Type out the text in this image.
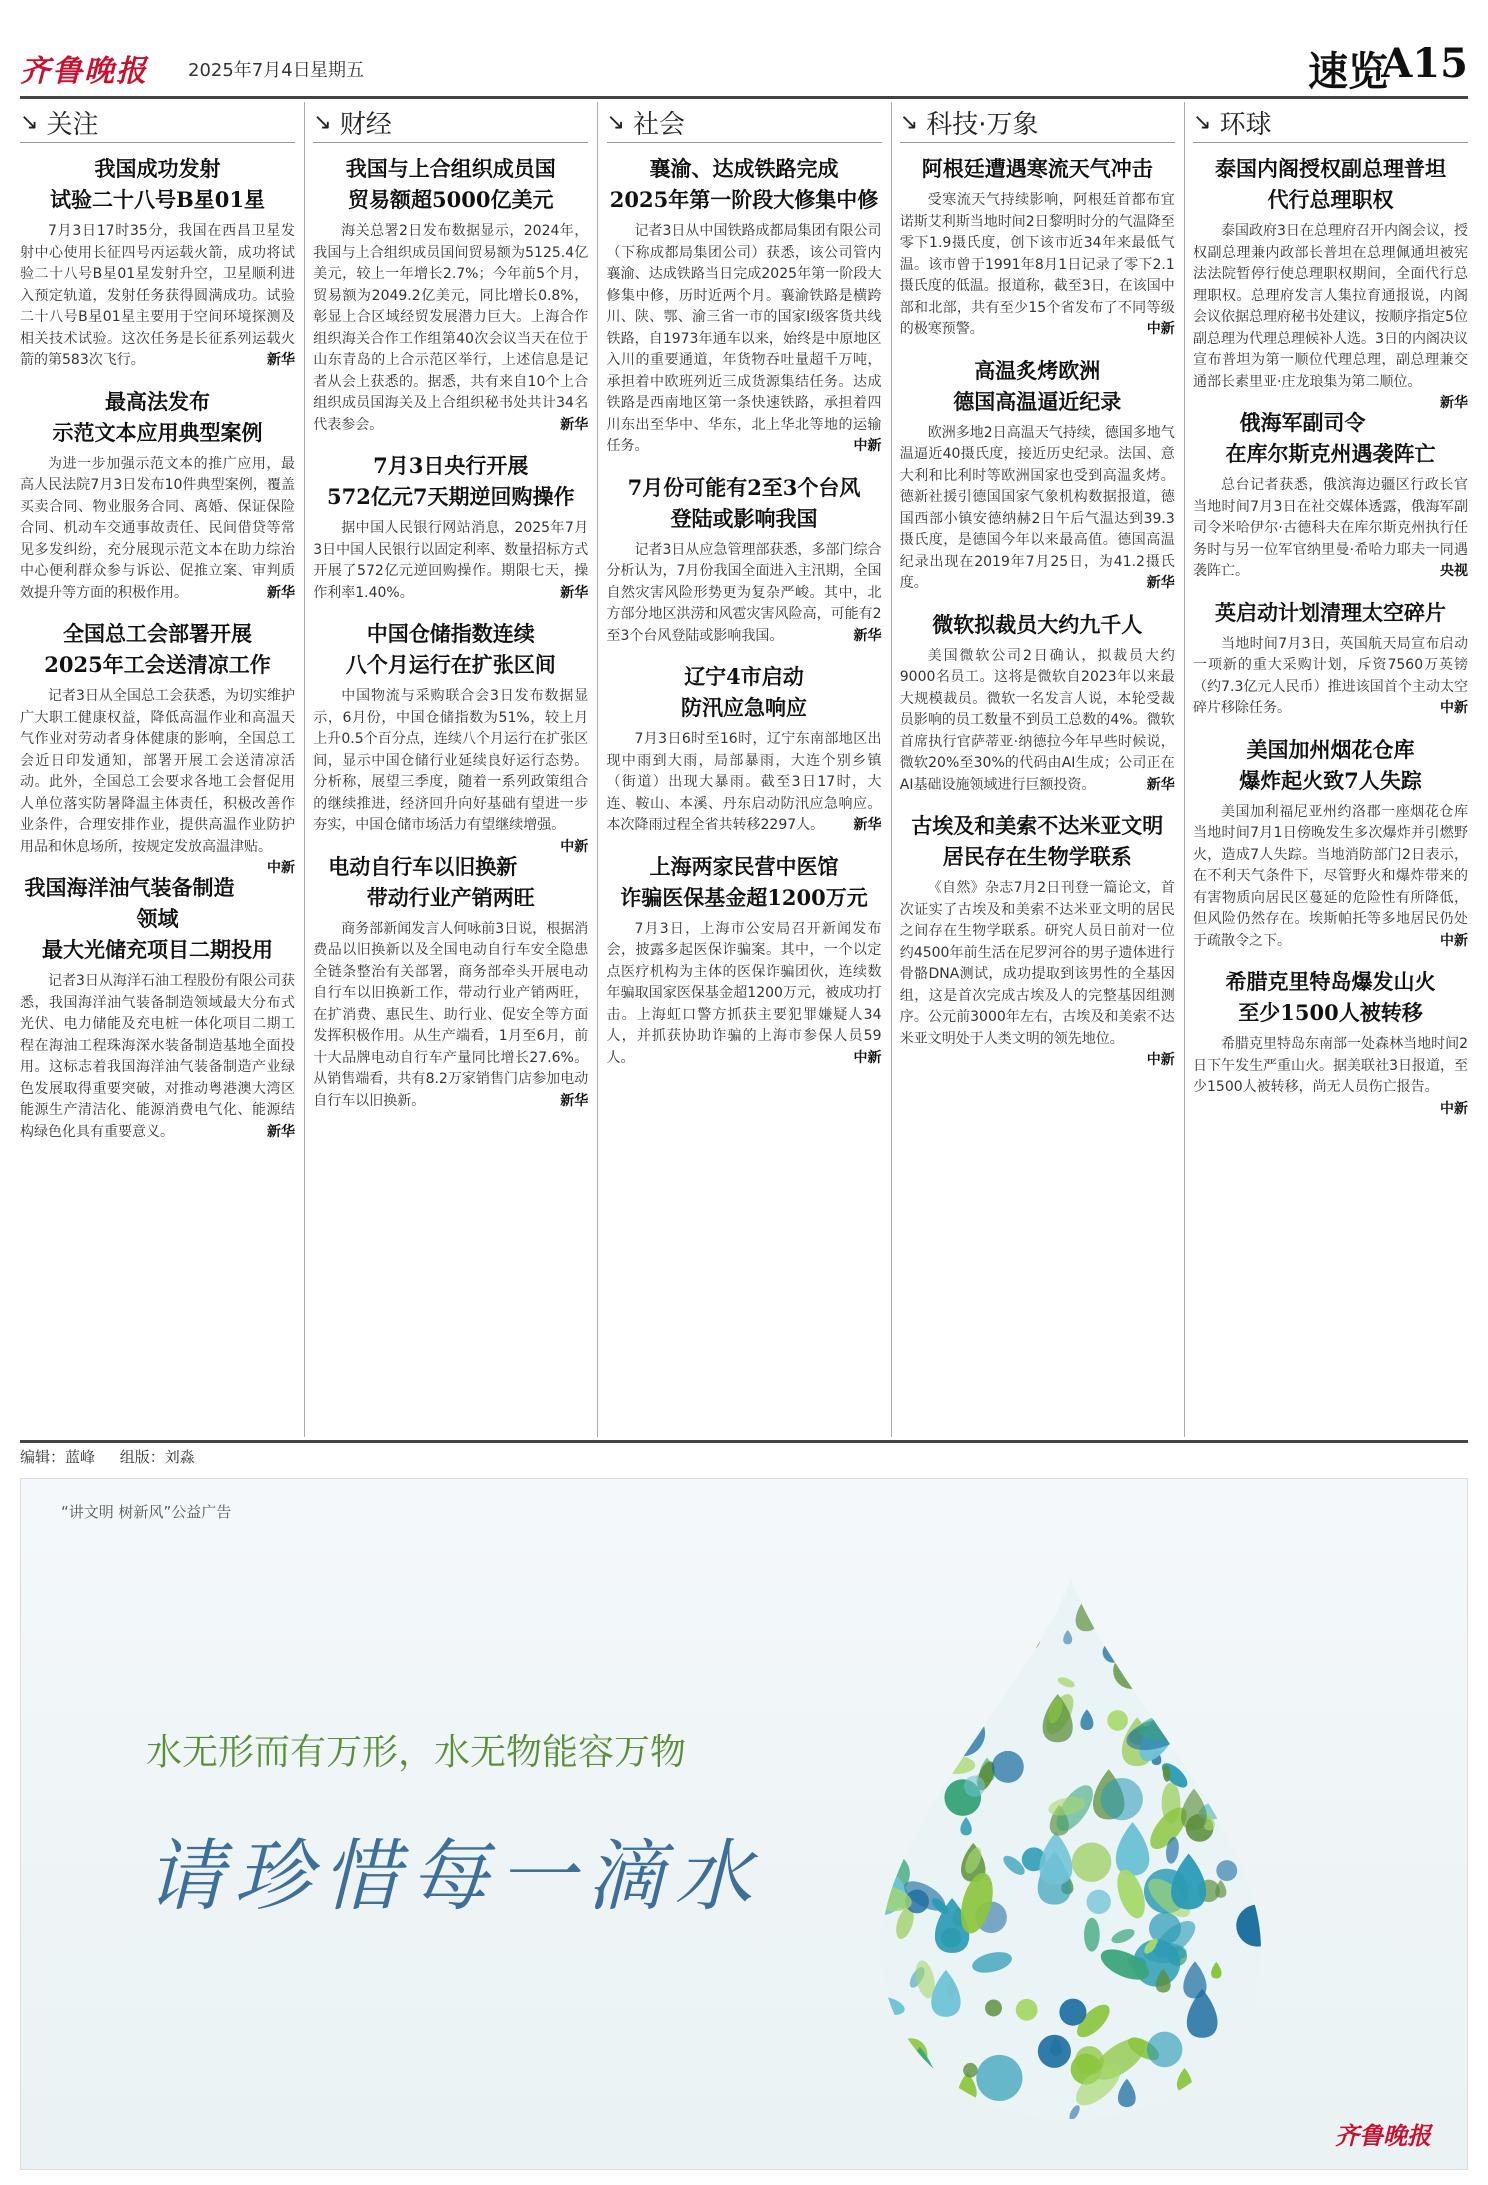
齐鲁晚报 2025年7月4日 星期五	速览
A15
↘ 关注
我国成功发射
试验二十八号B星01星

7月3日17时35分，我国在西昌卫星发射中心使用长征四号丙运载火箭，成功将试验二十八号B星01星发射升空，卫星顺利进入预定轨道，发射任务获得圆满成功。试验二十八号B星01星主要用于空间环境探测及相关技术试验。这次任务是长征系列运载火箭的第583次飞行。	新华

最高法发布
示范文本应用典型案例

为进一步加强示范文本的推广应用，最高人民法院7月3日发布10件典型案例，覆盖买卖合同、物业服务合同、离婚、保证保险合同、机动车交通事故责任、民间借贷等常见多发纠纷，充分展现示范文本在助力综治中心便利群众参与诉讼、促推立案、审判质效提升等方面的积极作用。	新华

全国总工会部署开展
2025年工会送清凉工作

记者3日从全国总工会获悉，为切实维护广大职工健康权益，降低高温作业和高温天气作业对劳动者身体健康的影响，全国总工会近日印发通知，部署开展工会送清凉活动。此外，全国总工会要求各地工会督促用人单位落实防暑降温主体责任，积极改善作业条件，合理安排作业，提供高温作业防护用品和休息场所，按规定发放高温津贴。
中新

我国海洋油气装备制造领域
最大光储充项目二期投用

记者3日从海洋石油工程股份有限公司获悉，我国海洋油气装备制造领域最大分布式光伏、电力储能及充电桩一体化项目二期工程在海油工程珠海深水装备制造基地全面投用。这标志着我国海洋油气装备制造产业绿色发展取得重要突破，对推动粤港澳大湾区能源生产清洁化、能源消费电气化、能源结构绿色化具有重要意义。	新华

↘ 财经
我国与上合组织成员国
贸易额超5000亿美元

海关总署2日发布数据显示，2024年，我国与上合组织成员国间贸易额为5125.4亿美元，较上一年增长2.7%；今年前5个月，贸易额为2049.2亿美元，同比增长0.8%，彰显上合区域经贸发展潜力巨大。上海合作组织海关合作工作组第40次会议当天在位于山东青岛的上合示范区举行，上述信息是记者从会上获悉的。据悉，共有来自10个上合组织成员国海关及上合组织秘书处共计34名代表参会。	新华

7月3日央行开展
572亿元7天期逆回购操作

据中国人民银行网站消息，2025年7月3日中国人民银行以固定利率、数量招标方式开展了572亿元逆回购操作。期限七天，操作利率1.40%。	新华

中国仓储指数连续
八个月运行在扩张区间

中国物流与采购联合会3日发布数据显示，6月份，中国仓储指数为51%，较上月上升0.5个百分点，连续八个月运行在扩张区间，显示中国仓储行业延续良好运行态势。分析称，展望三季度，随着一系列政策组合的继续推进，经济回升向好基础有望进一步夯实，中国仓储市场活力有望继续增强。
中新

电动自行车以旧换新
带动行业产销两旺

商务部新闻发言人何咏前3日说，根据消费品以旧换新以及全国电动自行车安全隐患全链条整治有关部署，商务部牵头开展电动自行车以旧换新工作，带动行业产销两旺，在扩消费、惠民生、助行业、促安全等方面发挥积极作用。从生产端看，1月至6月，前十大品牌电动自行车产量同比增长27.6%。从销售端看，共有8.2万家销售门店参加电动自行车以旧换新。	新华

↘ 社会
襄渝、达成铁路完成
2025年第一阶段大修集中修

记者3日从中国铁路成都局集团有限公司（下称成都局集团公司）获悉，该公司管内襄渝、达成铁路当日完成2025年第一阶段大修集中修，历时近两个月。襄渝铁路是横跨川、陕、鄂、渝三省一市的国家Ⅰ级客货共线铁路，自1973年通车以来，始终是中原地区入川的重要通道，年货物吞吐量超千万吨，承担着中欧班列近三成货源集结任务。达成铁路是西南地区第一条快速铁路，承担着四川东出至华中、华东，北上华北等地的运输任务。	中新

7月份可能有2至3个台风
登陆或影响我国

记者3日从应急管理部获悉，多部门综合分析认为，7月份我国全面进入主汛期，全国自然灾害风险形势更为复杂严峻。其中，北方部分地区洪涝和风雹灾害风险高，可能有2至3个台风登陆或影响我国。	新华

辽宁4市启动
防汛应急响应

7月3日6时至16时，辽宁东南部地区出现中雨到大雨，局部暴雨，大连个别乡镇（街道）出现大暴雨。截至3日17时，大连、鞍山、本溪、丹东启动防汛应急响应。本次降雨过程全省共转移2297人。	新华

上海两家民营中医馆
诈骗医保基金超1200万元

7月3日，上海市公安局召开新闻发布会，披露多起医保诈骗案。其中，一个以定点医疗机构为主体的医保诈骗团伙，连续数年骗取国家医保基金超1200万元，被成功打击。上海虹口警方抓获主要犯罪嫌疑人34人，并抓获协助诈骗的上海市参保人员59人。	中新

↘ 科技·万象
阿根廷遭遇寒流天气冲击

受寒流天气持续影响，阿根廷首都布宜诺斯艾利斯当地时间2日黎明时分的气温降至零下1.9摄氏度，创下该市近34年来最低气温。该市曾于1991年8月1日记录了零下2.1摄氏度的低温。报道称，截至3日，在该国中部和北部，共有至少15个省发布了不同等级的极寒预警。	中新

高温炙烤欧洲
德国高温逼近纪录

欧洲多地2日高温天气持续，德国多地气温逼近40摄氏度，接近历史纪录。法国、意大利和比利时等欧洲国家也受到高温炙烤。德新社援引德国国家气象机构数据报道，德国西部小镇安德纳赫2日午后气温达到39.3摄氏度，是德国今年以来最高值。德国高温纪录出现在2019年7月25日，为41.2摄氏度。	新华

微软拟裁员大约九千人

美国微软公司2日确认，拟裁员大约9000名员工。这将是微软自2023年以来最大规模裁员。微软一名发言人说，本轮受裁员影响的员工数量不到员工总数的4%。微软首席执行官萨蒂亚·纳德拉今年早些时候说，微软20%至30%的代码由AI生成；公司正在AI基础设施领域进行巨额投资。	新华

古埃及和美索不达米亚文明
居民存在生物学联系

《自然》杂志7月2日刊登一篇论文，首次证实了古埃及和美索不达米亚文明的居民之间存在生物学联系。研究人员日前对一位约4500年前生活在尼罗河谷的男子遗体进行骨骼DNA测试，成功提取到该男性的全基因组，这是首次完成古埃及人的完整基因组测序。公元前3000年左右，古埃及和美索不达米亚文明处于人类文明的领先地位。
中新

↘ 环球
泰国内阁授权副总理普坦
代行总理职权

泰国政府3日在总理府召开内阁会议，授权副总理兼内政部长普坦在总理佩通坦被宪法法院暂停行使总理职权期间，全面代行总理职权。总理府发言人集拉育通报说，内阁会议依据总理府秘书处建议，按顺序指定5位副总理为代理总理候补人选。3日的内阁决议宣布普坦为第一顺位代理总理，副总理兼交通部长素里亚·庄龙琅集为第二顺位。
新华

俄海军副司令
在库尔斯克州遇袭阵亡

总台记者获悉，俄滨海边疆区行政长官当地时间7月3日在社交媒体透露，俄海军副司令米哈伊尔·古德科夫在库尔斯克州执行任务时与另一位军官纳里曼·希哈力耶夫一同遇袭阵亡。	央视

英启动计划清理太空碎片

当地时间7月3日，英国航天局宣布启动一项新的重大采购计划，斥资7560万英镑（约7.3亿元人民币）推进该国首个主动太空碎片移除任务。	中新

美国加州烟花仓库
爆炸起火致7人失踪

美国加利福尼亚州约洛郡一座烟花仓库当地时间7月1日傍晚发生多次爆炸并引燃野火，造成7人失踪。当地消防部门2日表示，在不利天气条件下，尽管野火和爆炸带来的有害物质向居民区蔓延的危险性有所降低，但风险仍然存在。埃斯帕托等多地居民仍处于疏散令之下。	中新

希腊克里特岛爆发山火
至少1500人被转移

希腊克里特岛东南部一处森林当地时间2日下午发生严重山火。据美联社3日报道，至少1500人被转移，尚无人员伤亡报告。
中新

编辑：蓝峰 组版：刘淼
“讲文明 树新风”公益广告
水无形而有万形，水无物能容万物
请珍惜每一滴水
齐鲁晚报
